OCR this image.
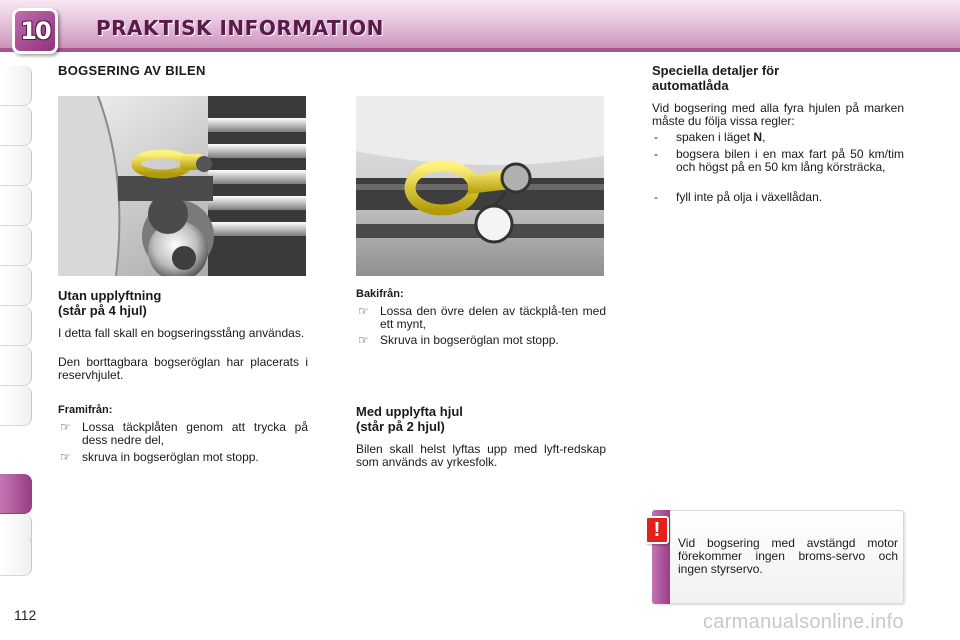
10 PRAKTISK INFORMATION
BOGSERING AV BILEN
Utan upplyftning
(står på 4 hjul)
I detta fall skall en bogseringsstång användas.
Den borttagbara bogseröglan har placerats i reservhjulet.
Framifrån:
☞ Lossa täckplåten genom att trycka på dess nedre del,
☞ skruva in bogseröglan mot stopp.
Bakifrån:
☞ Lossa den övre delen av täckplå-ten med ett mynt,
☞ Skruva in bogseröglan mot stopp.
Med upplyfta hjul
(står på 2 hjul)
Bilen skall helst lyftas upp med lyft-redskap som används av yrkesfolk.
Speciella detaljer för
automatlåda
Vid bogsering med alla fyra hjulen på marken måste du följa vissa regler:
- spaken i läget N,
- bogsera bilen i en max fart på 50 km/tim och högst på en 50 km lång körsträcka,
- fyll inte på olja i växellådan.
!
Vid bogsering med avstängd motor förekommer ingen broms-servo och ingen styrservo.
112	carmanualsonline.info
